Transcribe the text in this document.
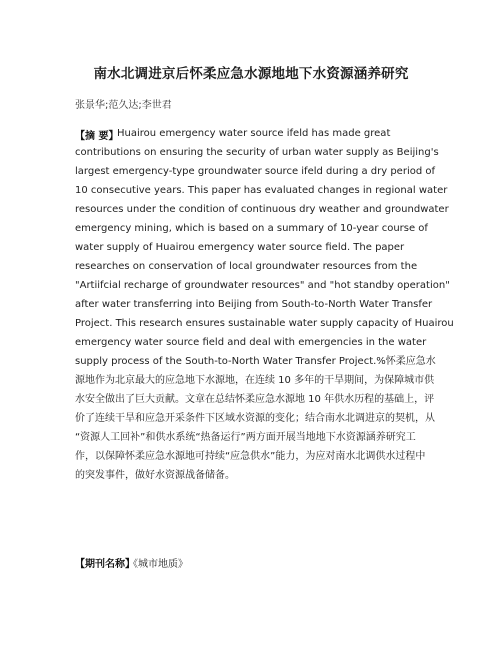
南水北调进京后怀柔应急水源地地下水资源涵养研究
张景华;范久达;李世君
【摘 要】
Huairou emergency water source ifeld has made great
contributions on ensuring the security of urban water supply as Beijing's
largest emergency-type groundwater source ifeld during a dry period of
10 consecutive years. This paper has evaluated changes in regional water
resources under the condition of continuous dry weather and groundwater
emergency mining, which is based on a summary of 10-year course of
water supply of Huairou emergency water source field. The paper
researches on conservation of local groundwater resources from the
"Artiifcial recharge of groundwater resources" and "hot standby operation"
after water transferring into Beijing from South-to-North Water Transfer
Project. This research ensures sustainable water supply capacity of Huairou
emergency water source field and deal with emergencies in the water
supply process of the South-to-North Water Transfer Project.%怀柔应急水
源地作为北京最大的应急地下水源地，在连续 10 多年的干旱期间，为保障城市供
水安全做出了巨大贡献。文章在总结怀柔应急水源地 10 年供水历程的基础上，评
价了连续干旱和应急开采条件下区域水资源的变化；结合南水北调进京的契机，从
“资源人工回补”和供水系统“热备运行”两方面开展当地地下水资源涵养研究工
作，以保障怀柔应急水源地可持续“应急供水”能力，为应对南水北调供水过程中
的突发事件，做好水资源战备储备。
【期刊名称】
《城市地质》
